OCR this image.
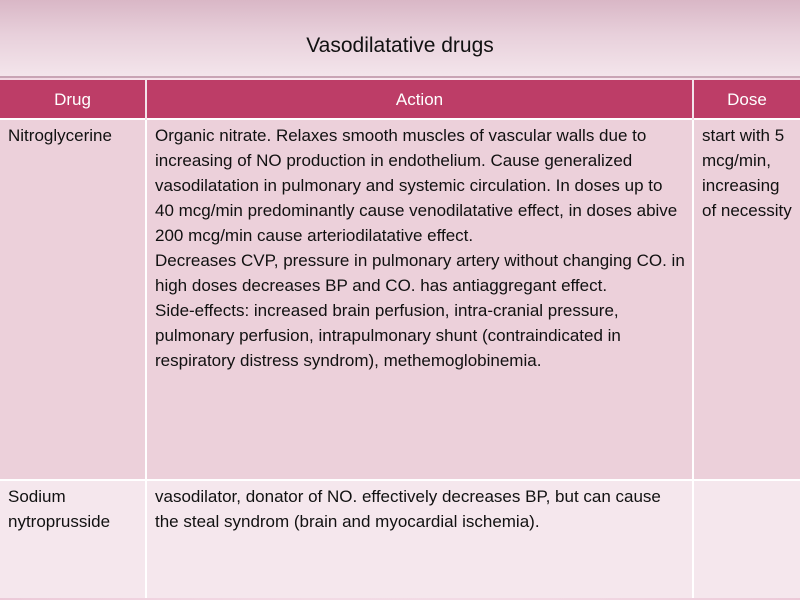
Vasodilatative drugs
Drug	Action	Dose
Nitroglycerine	Organic nitrate. Relaxes smooth muscles of vascular walls due to increasing of NO production in endothelium. Cause generalized vasodilatation in pulmonary and systemic circulation. In doses up to 40 mcg/min predominantly cause venodilatative effect, in doses abive 200 mcg/min cause arteriodilatative effect.
Decreases CVP, pressure in pulmonary artery without changing CO. in high doses decreases BP and CO. has antiaggregant effect.
Side-effects: increased brain perfusion, intra-cranial pressure, pulmonary perfusion, intrapulmonary shunt (contraindicated in respiratory distress syndrom), methemoglobinemia.	start with 5 mcg/min, increasing of necessity
Sodium nytroprusside	vasodilator, donator of NO. effectively decreases BP, but can cause the steal syndrom (brain and myocardial ischemia).	
